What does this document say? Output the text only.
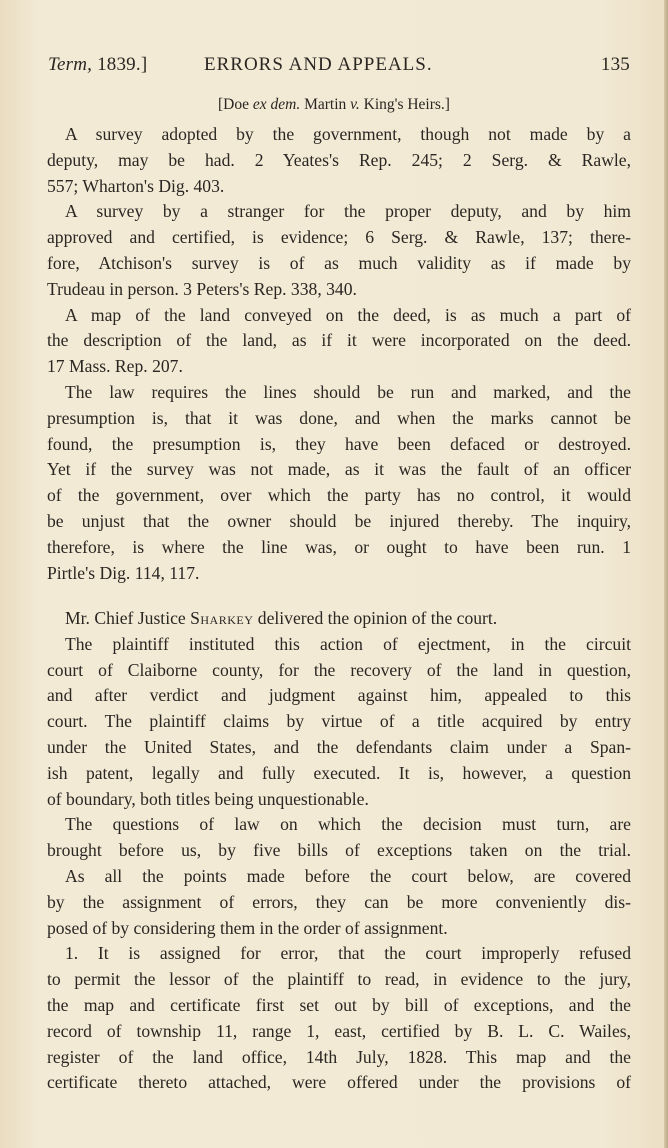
Term, 1839.]	ERRORS AND APPEALS.	135
[Doe ex dem. Martin v. King's Heirs.]
A survey adopted by the government, though not made by a
deputy, may be had. 2 Yeates's Rep. 245; 2 Serg. & Rawle,
557; Wharton's Dig. 403.
A survey by a stranger for the proper deputy, and by him
approved and certified, is evidence; 6 Serg. & Rawle, 137; there-
fore, Atchison's survey is of as much validity as if made by
Trudeau in person. 3 Peters's Rep. 338, 340.
A map of the land conveyed on the deed, is as much a part of
the description of the land, as if it were incorporated on the deed.
17 Mass. Rep. 207.
The law requires the lines should be run and marked, and the
presumption is, that it was done, and when the marks cannot be
found, the presumption is, they have been defaced or destroyed.
Yet if the survey was not made, as it was the fault of an officer
of the government, over which the party has no control, it would
be unjust that the owner should be injured thereby. The inquiry,
therefore, is where the line was, or ought to have been run. 1
Pirtle's Dig. 114, 117.
Mr. Chief Justice Sharkey delivered the opinion of the court.
The plaintiff instituted this action of ejectment, in the circuit
court of Claiborne county, for the recovery of the land in question,
and after verdict and judgment against him, appealed to this
court. The plaintiff claims by virtue of a title acquired by entry
under the United States, and the defendants claim under a Span-
ish patent, legally and fully executed. It is, however, a question
of boundary, both titles being unquestionable.
The questions of law on which the decision must turn, are
brought before us, by five bills of exceptions taken on the trial.
As all the points made before the court below, are covered
by the assignment of errors, they can be more conveniently dis-
posed of by considering them in the order of assignment.
1. It is assigned for error, that the court improperly refused
to permit the lessor of the plaintiff to read, in evidence to the jury,
the map and certificate first set out by bill of exceptions, and the
record of township 11, range 1, east, certified by B. L. C. Wailes,
register of the land office, 14th July, 1828. This map and the
certificate thereto attached, were offered under the provisions of
